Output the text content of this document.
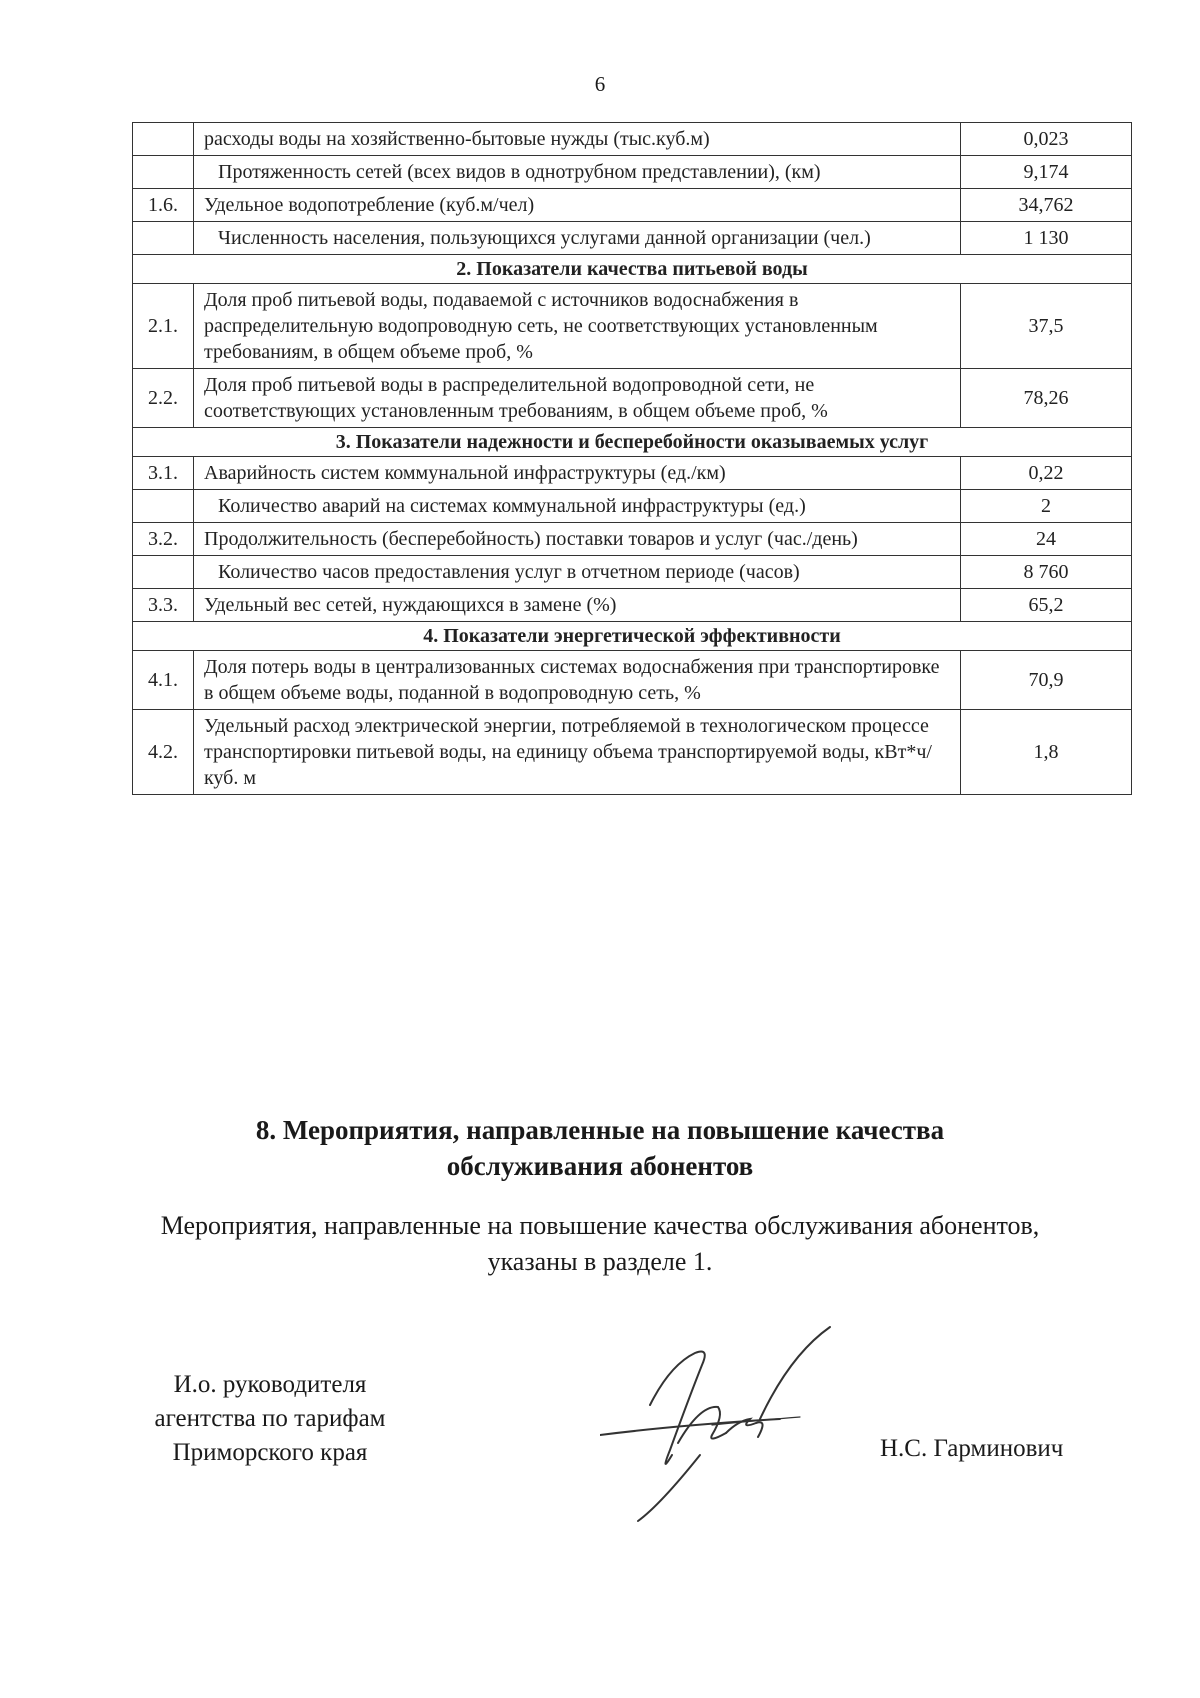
6
	расходы воды на хозяйственно-бытовые нужды (тыс.куб.м)	0,023
	Протяженность сетей (всех видов в однотрубном представлении), (км)	9,174
1.6.	Удельное водопотребление (куб.м/чел)	34,762
	Численность населения, пользующихся услугами данной организации (чел.)	1 130
2. Показатели качества питьевой воды		
2.1.	Доля проб питьевой воды, подаваемой с источников водоснабжения в распределительную водопроводную сеть, не соответствующих установленным требованиям, в общем объеме проб, %	37,5
2.2.	Доля проб питьевой воды в распределительной водопроводной сети, не соответствующих установленным требованиям, в общем объеме проб, %	78,26
3. Показатели надежности и бесперебойности оказываемых услуг		
3.1.	Аварийность систем коммунальной инфраструктуры (ед./км)	0,22
	Количество аварий на системах коммунальной инфраструктуры (ед.)	2
3.2.	Продолжительность (бесперебойность) поставки товаров и услуг (час./день)	24
	Количество часов предоставления услуг в отчетном периоде (часов)	8 760
3.3.	Удельный вес сетей, нуждающихся в замене (%)	65,2
4. Показатели энергетической эффективности		
4.1.	Доля потерь воды в централизованных системах водоснабжения при транспортировке в общем объеме воды, поданной в водопроводную сеть, %	70,9
4.2.	Удельный расход электрической энергии, потребляемой в технологическом процессе транспортировки питьевой воды, на единицу объема транспортируемой воды, кВт*ч/куб. м	1,8
8. Мероприятия, направленные на повышение качества
обслуживания абонентов
Мероприятия, направленные на повышение качества обслуживания абонентов,
указаны в разделе 1.
И.о. руководителя
агентства по тарифам
Приморского края	Н.С. Гарминович
